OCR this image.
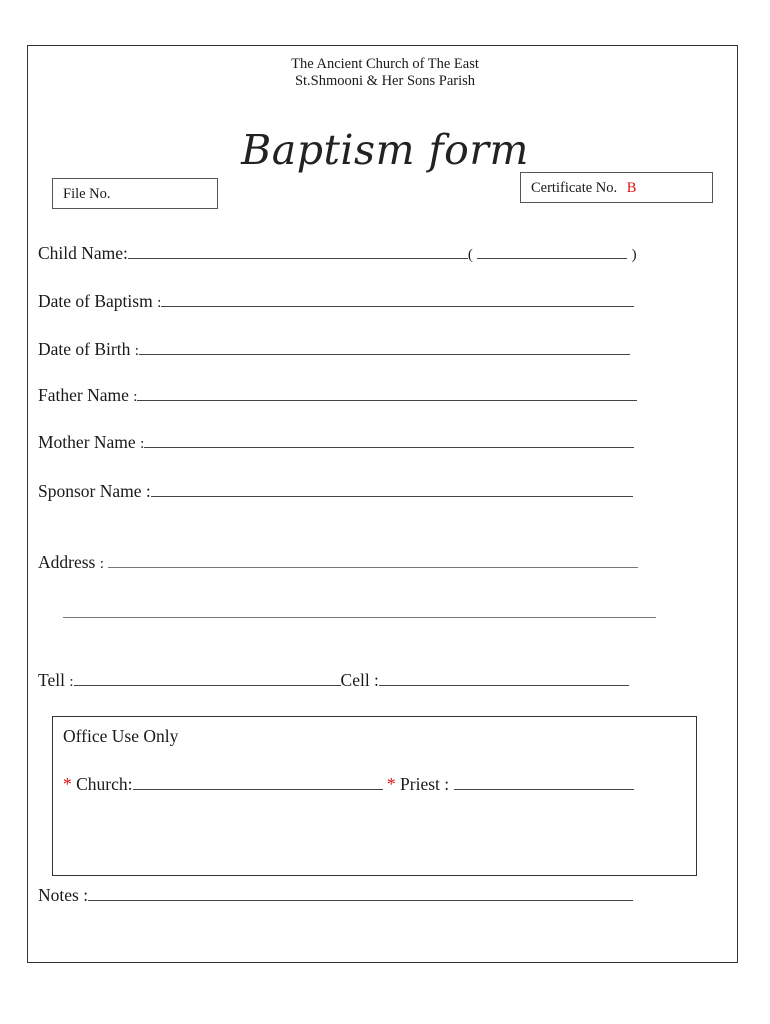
The Ancient Church of The East
St.Shmooni & Her Sons Parish
Baptism form
File No.	Certificate No. B
Child Name:	(	)
Date of Baptism :
Date of Birth :
Father Name :
Mother Name :
Sponsor Name :
Address :
Tell :	Cell :
Office Use Only
* Church:	* Priest :
Notes :
